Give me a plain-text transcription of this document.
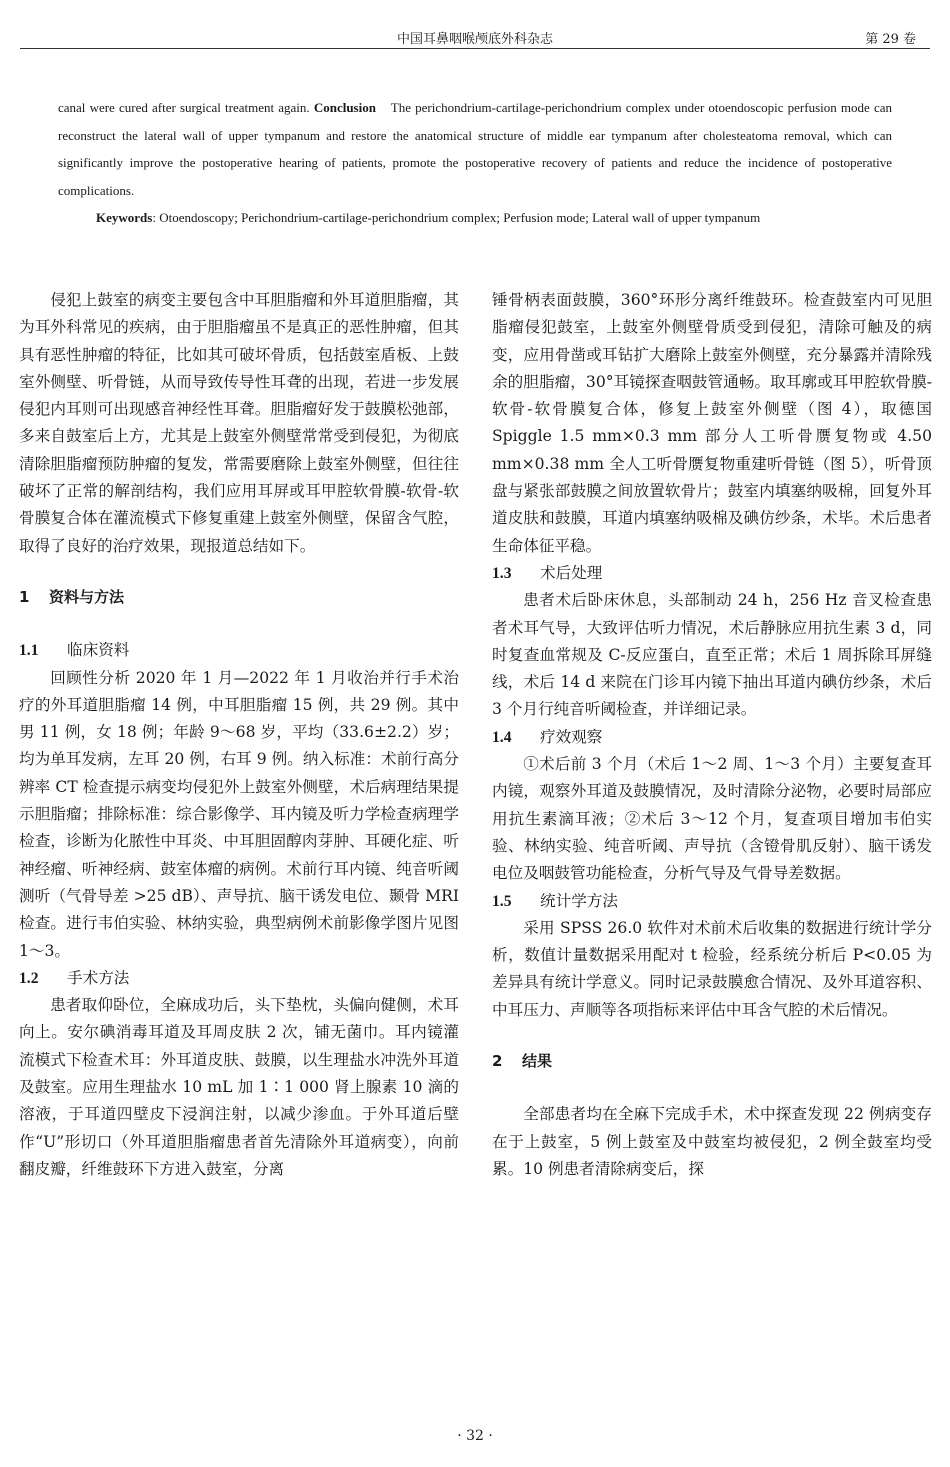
中国耳鼻咽喉颅底外科杂志	第 29 卷
canal were cured after surgical treatment again. Conclusion　The perichondrium-cartilage-perichondrium complex under otoendoscopic perfusion mode can reconstruct the lateral wall of upper tympanum and restore the anatomical structure of middle ear tympanum after cholesteatoma removal, which can significantly improve the postoperative hearing of patients, promote the postoperative recovery of patients and reduce the incidence of postoperative complications.
Keywords: Otoendoscopy; Perichondrium-cartilage-perichondrium complex; Perfusion mode; Lateral wall of upper tympanum

侵犯上鼓室的病变主要包含中耳胆脂瘤和外耳道胆脂瘤，其为耳外科常见的疾病，由于胆脂瘤虽不是真正的恶性肿瘤，但其具有恶性肿瘤的特征，比如其可破坏骨质，包括鼓室盾板、上鼓室外侧壁、听骨链，从而导致传导性耳聋的出现，若进一步发展侵犯内耳则可出现感音神经性耳聋。胆脂瘤好发于鼓膜松弛部，多来自鼓室后上方，尤其是上鼓室外侧壁常常受到侵犯，为彻底清除胆脂瘤预防肿瘤的复发，常需要磨除上鼓室外侧壁，但往往破坏了正常的解剖结构，我们应用耳屏或耳甲腔软骨膜-软骨-软骨膜复合体在灌流模式下修复重建上鼓室外侧壁，保留含气腔，取得了良好的治疗效果，现报道总结如下。

1 资料与方法
1.1 临床资料

回顾性分析 2020 年 1 月—2022 年 1 月收治并行手术治疗的外耳道胆脂瘤 14 例，中耳胆脂瘤 15 例，共 29 例。其中男 11 例，女 18 例；年龄 9～68 岁，平均（33.6±2.2）岁；均为单耳发病，左耳 20 例，右耳 9 例。纳入标准：术前行高分辨率 CT 检查提示病变均侵犯外上鼓室外侧壁，术后病理结果提示胆脂瘤；排除标准：综合影像学、耳内镜及听力学检查病理学检查，诊断为化脓性中耳炎、中耳胆固醇肉芽肿、耳硬化症、听神经瘤、听神经病、鼓室体瘤的病例。术前行耳内镜、纯音听阈测听（气骨导差 >25 dB）、声导抗、脑干诱发电位、颞骨 MRI 检查。进行韦伯实验、林纳实验，典型病例术前影像学图片见图 1～3。

1.2 手术方法

患者取仰卧位，全麻成功后，头下垫枕，头偏向健侧，术耳向上。安尔碘消毒耳道及耳周皮肤 2 次，铺无菌巾。耳内镜灌流模式下检查术耳：外耳道皮肤、鼓膜，以生理盐水冲洗外耳道及鼓室。应用生理盐水 10 mL 加 1∶1 000 肾上腺素 10 滴的溶液，于耳道四壁皮下浸润注射，以减少渗血。于外耳道后壁作“U”形切口（外耳道胆脂瘤患者首先清除外耳道病变），向前翻皮瓣，纤维鼓环下方进入鼓室，分离

锤骨柄表面鼓膜，360°环形分离纤维鼓环。检查鼓室内可见胆脂瘤侵犯鼓室，上鼓室外侧壁骨质受到侵犯，清除可触及的病变，应用骨凿或耳钻扩大磨除上鼓室外侧壁，充分暴露并清除残余的胆脂瘤，30°耳镜探查咽鼓管通畅。取耳廓或耳甲腔软骨膜-软骨-软骨膜复合体，修复上鼓室外侧壁（图 4），取德国 Spiggle 1.5 mm×0.3 mm 部分人工听骨赝复物或 4.50 mm×0.38 mm 全人工听骨赝复物重建听骨链（图 5），听骨顶盘与紧张部鼓膜之间放置软骨片；鼓室内填塞纳吸棉，回复外耳道皮肤和鼓膜，耳道内填塞纳吸棉及碘仿纱条，术毕。术后患者生命体征平稳。

1.3 术后处理

患者术后卧床休息，头部制动 24 h，256 Hz 音叉检查患者术耳气导，大致评估听力情况，术后静脉应用抗生素 3 d，同时复查血常规及 C-反应蛋白，直至正常；术后 1 周拆除耳屏缝线，术后 14 d 来院在门诊耳内镜下抽出耳道内碘仿纱条，术后 3 个月行纯音听阈检查，并详细记录。

1.4 疗效观察

①术后前 3 个月（术后 1～2 周、1～3 个月）主要复查耳内镜，观察外耳道及鼓膜情况，及时清除分泌物，必要时局部应用抗生素滴耳液；②术后 3～12 个月，复查项目增加韦伯实验、林纳实验、纯音听阈、声导抗（含镫骨肌反射）、脑干诱发电位及咽鼓管功能检查，分析气导及气骨导差数据。

1.5 统计学方法

采用 SPSS 26.0 软件对术前术后收集的数据进行统计学分析，数值计量数据采用配对 t 检验，经系统分析后 P<0.05 为差异具有统计学意义。同时记录鼓膜愈合情况、及外耳道容积、中耳压力、声顺等各项指标来评估中耳含气腔的术后情况。

2 结果

全部患者均在全麻下完成手术，术中探查发现 22 例病变存在于上鼓室，5 例上鼓室及中鼓室均被侵犯，2 例全鼓室均受累。10 例患者清除病变后，探

· 32 ·
